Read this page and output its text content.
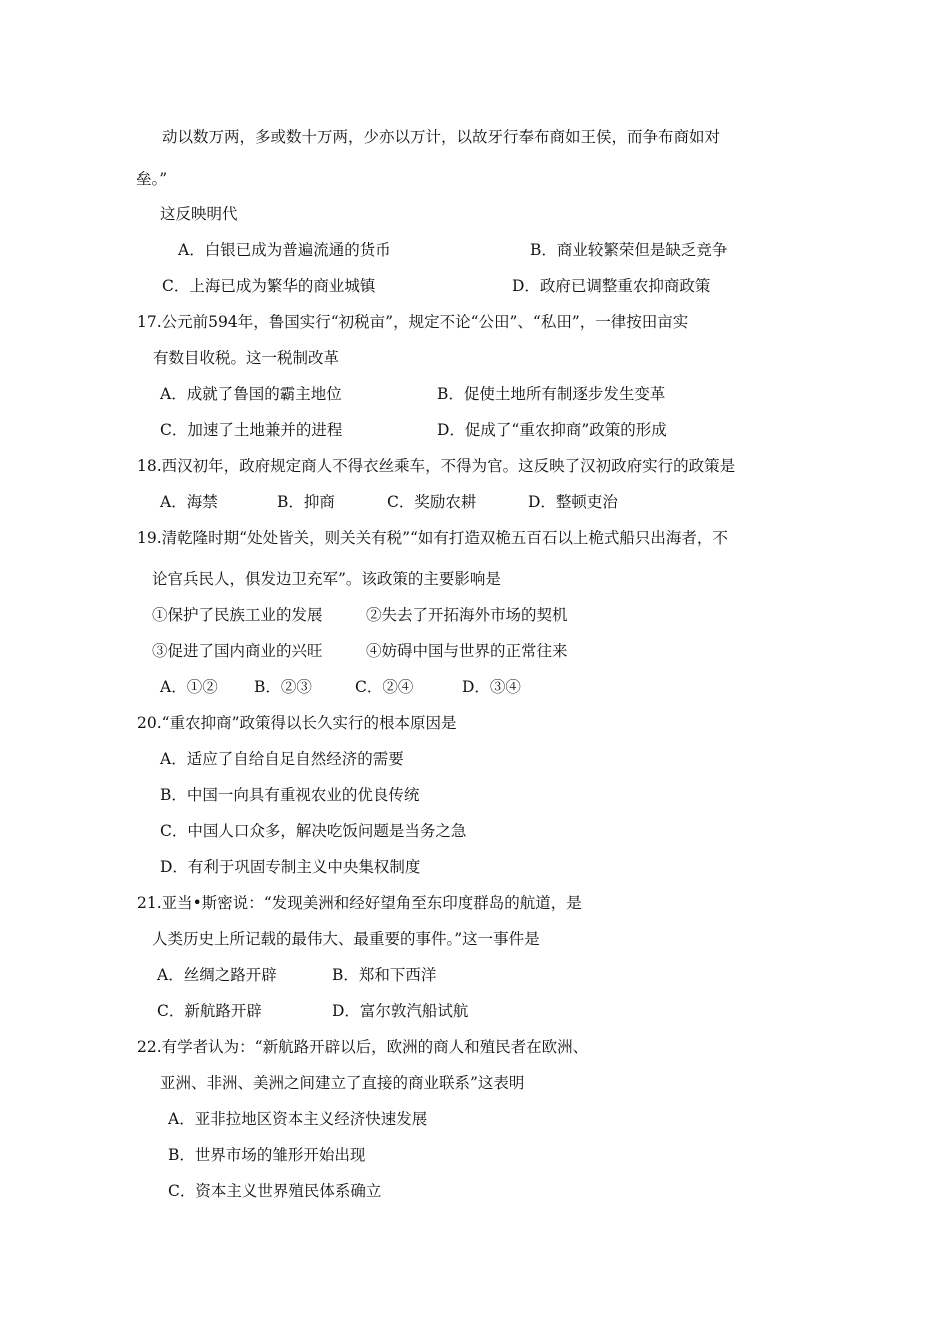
动以数万两，多或数十万两，少亦以万计，以故牙行奉布商如王侯，而争布商如对
垒。”
这反映明代
A．白银已成为普遍流通的货币	B．商业较繁荣但是缺乏竞争
C．上海已成为繁华的商业城镇	D．政府已调整重农抑商政策
17.公元前594年，鲁国实行“初税亩”，规定不论“公田”、“私田”，一律按田亩实
有数目收税。这一税制改革
A．成就了鲁国的霸主地位	B．促使土地所有制逐步发生变革
C．加速了土地兼并的进程	D．促成了“重农抑商”政策的形成
18.西汉初年，政府规定商人不得衣丝乘车，不得为官。这反映了汉初政府实行的政策是
A．海禁	B．抑商	C．奖励农耕	D．整顿吏治
19.清乾隆时期“处处皆关，则关关有税”“如有打造双桅五百石以上桅式船只出海者，不
论官兵民人，俱发边卫充军”。该政策的主要影响是
①保护了民族工业的发展	②失去了开拓海外市场的契机
③促进了国内商业的兴旺	④妨碍中国与世界的正常往来
A．①② B．②③	C．②④	D．③④
20.“重农抑商”政策得以长久实行的根本原因是
A．适应了自给自足自然经济的需要
B．中国一向具有重视农业的优良传统
C．中国人口众多，解决吃饭问题是当务之急
D．有利于巩固专制主义中央集权制度
21.亚当•斯密说：“发现美洲和经好望角至东印度群岛的航道，是
人类历史上所记载的最伟大、最重要的事件。”这一事件是
A．丝绸之路开辟	B．郑和下西洋
C．新航路开辟	D．富尔敦汽船试航
22.有学者认为：“新航路开辟以后，欧洲的商人和殖民者在欧洲、
亚洲、非洲、美洲之间建立了直接的商业联系”这表明
A．亚非拉地区资本主义经济快速发展
B．世界市场的雏形开始出现
C．资本主义世界殖民体系确立
